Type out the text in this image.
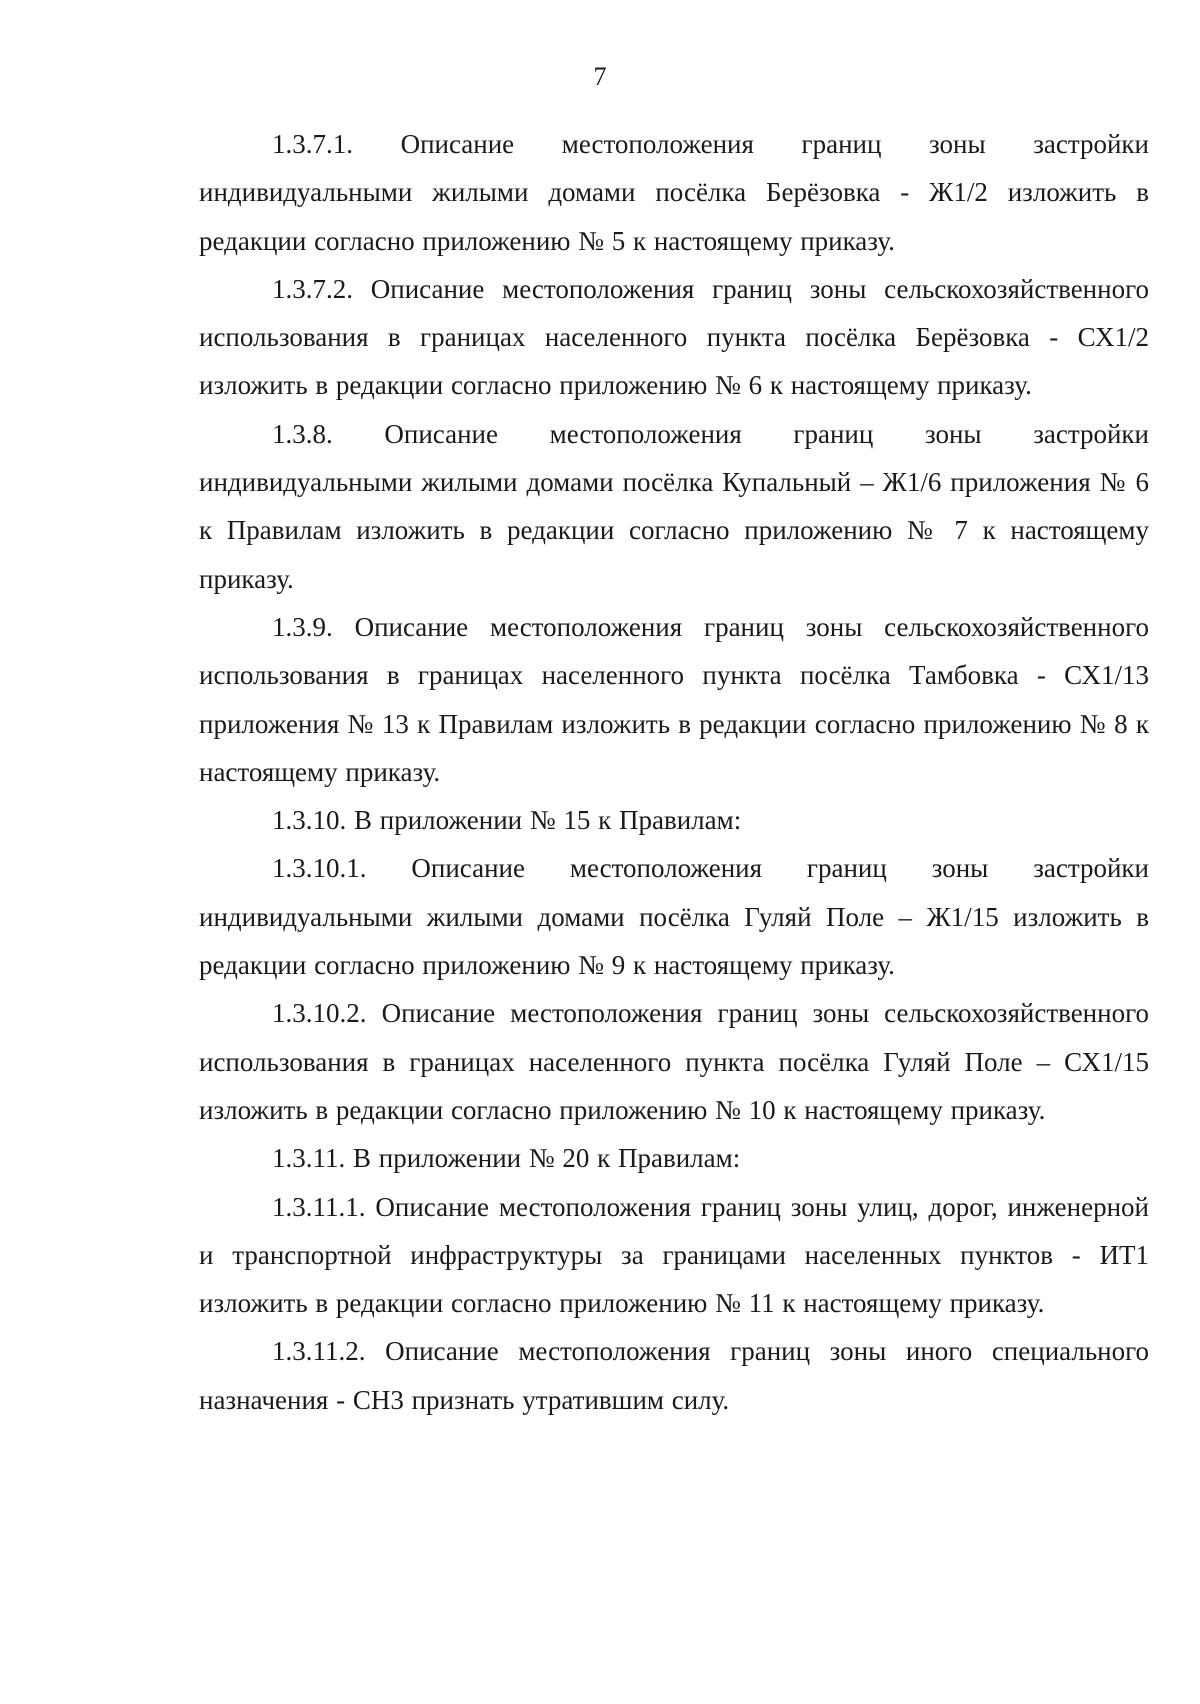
7

1.3.7.1. Описание местоположения границ зоны застройки индивидуальными жилыми домами посёлка Берёзовка - Ж1/2 изложить в редакции согласно приложению № 5 к настоящему приказу.

1.3.7.2. Описание местоположения границ зоны сельскохозяйственного использования в границах населенного пункта посёлка Берёзовка - СХ1/2 изложить в редакции согласно приложению № 6 к настоящему приказу.

1.3.8. Описание местоположения границ зоны застройки индивидуальными жилыми домами посёлка Купальный – Ж1/6 приложения № 6 к Правилам изложить в редакции согласно приложению № 7 к настоящему приказу.

1.3.9. Описание местоположения границ зоны сельскохозяйственного использования в границах населенного пункта посёлка Тамбовка - СХ1/13 приложения № 13 к Правилам изложить в редакции согласно приложению № 8 к настоящему приказу.

1.3.10. В приложении № 15 к Правилам:

1.3.10.1. Описание местоположения границ зоны застройки индивидуальными жилыми домами посёлка Гуляй Поле – Ж1/15 изложить в редакции согласно приложению № 9 к настоящему приказу.

1.3.10.2. Описание местоположения границ зоны сельскохозяйственного использования в границах населенного пункта посёлка Гуляй Поле – СХ1/15 изложить в редакции согласно приложению № 10 к настоящему приказу.

1.3.11. В приложении № 20 к Правилам:

1.3.11.1. Описание местоположения границ зоны улиц, дорог, инженерной и транспортной инфраструктуры за границами населенных пунктов - ИТ1 изложить в редакции согласно приложению № 11 к настоящему приказу.

1.3.11.2. Описание местоположения границ зоны иного специального назначения - СН3 признать утратившим силу.
